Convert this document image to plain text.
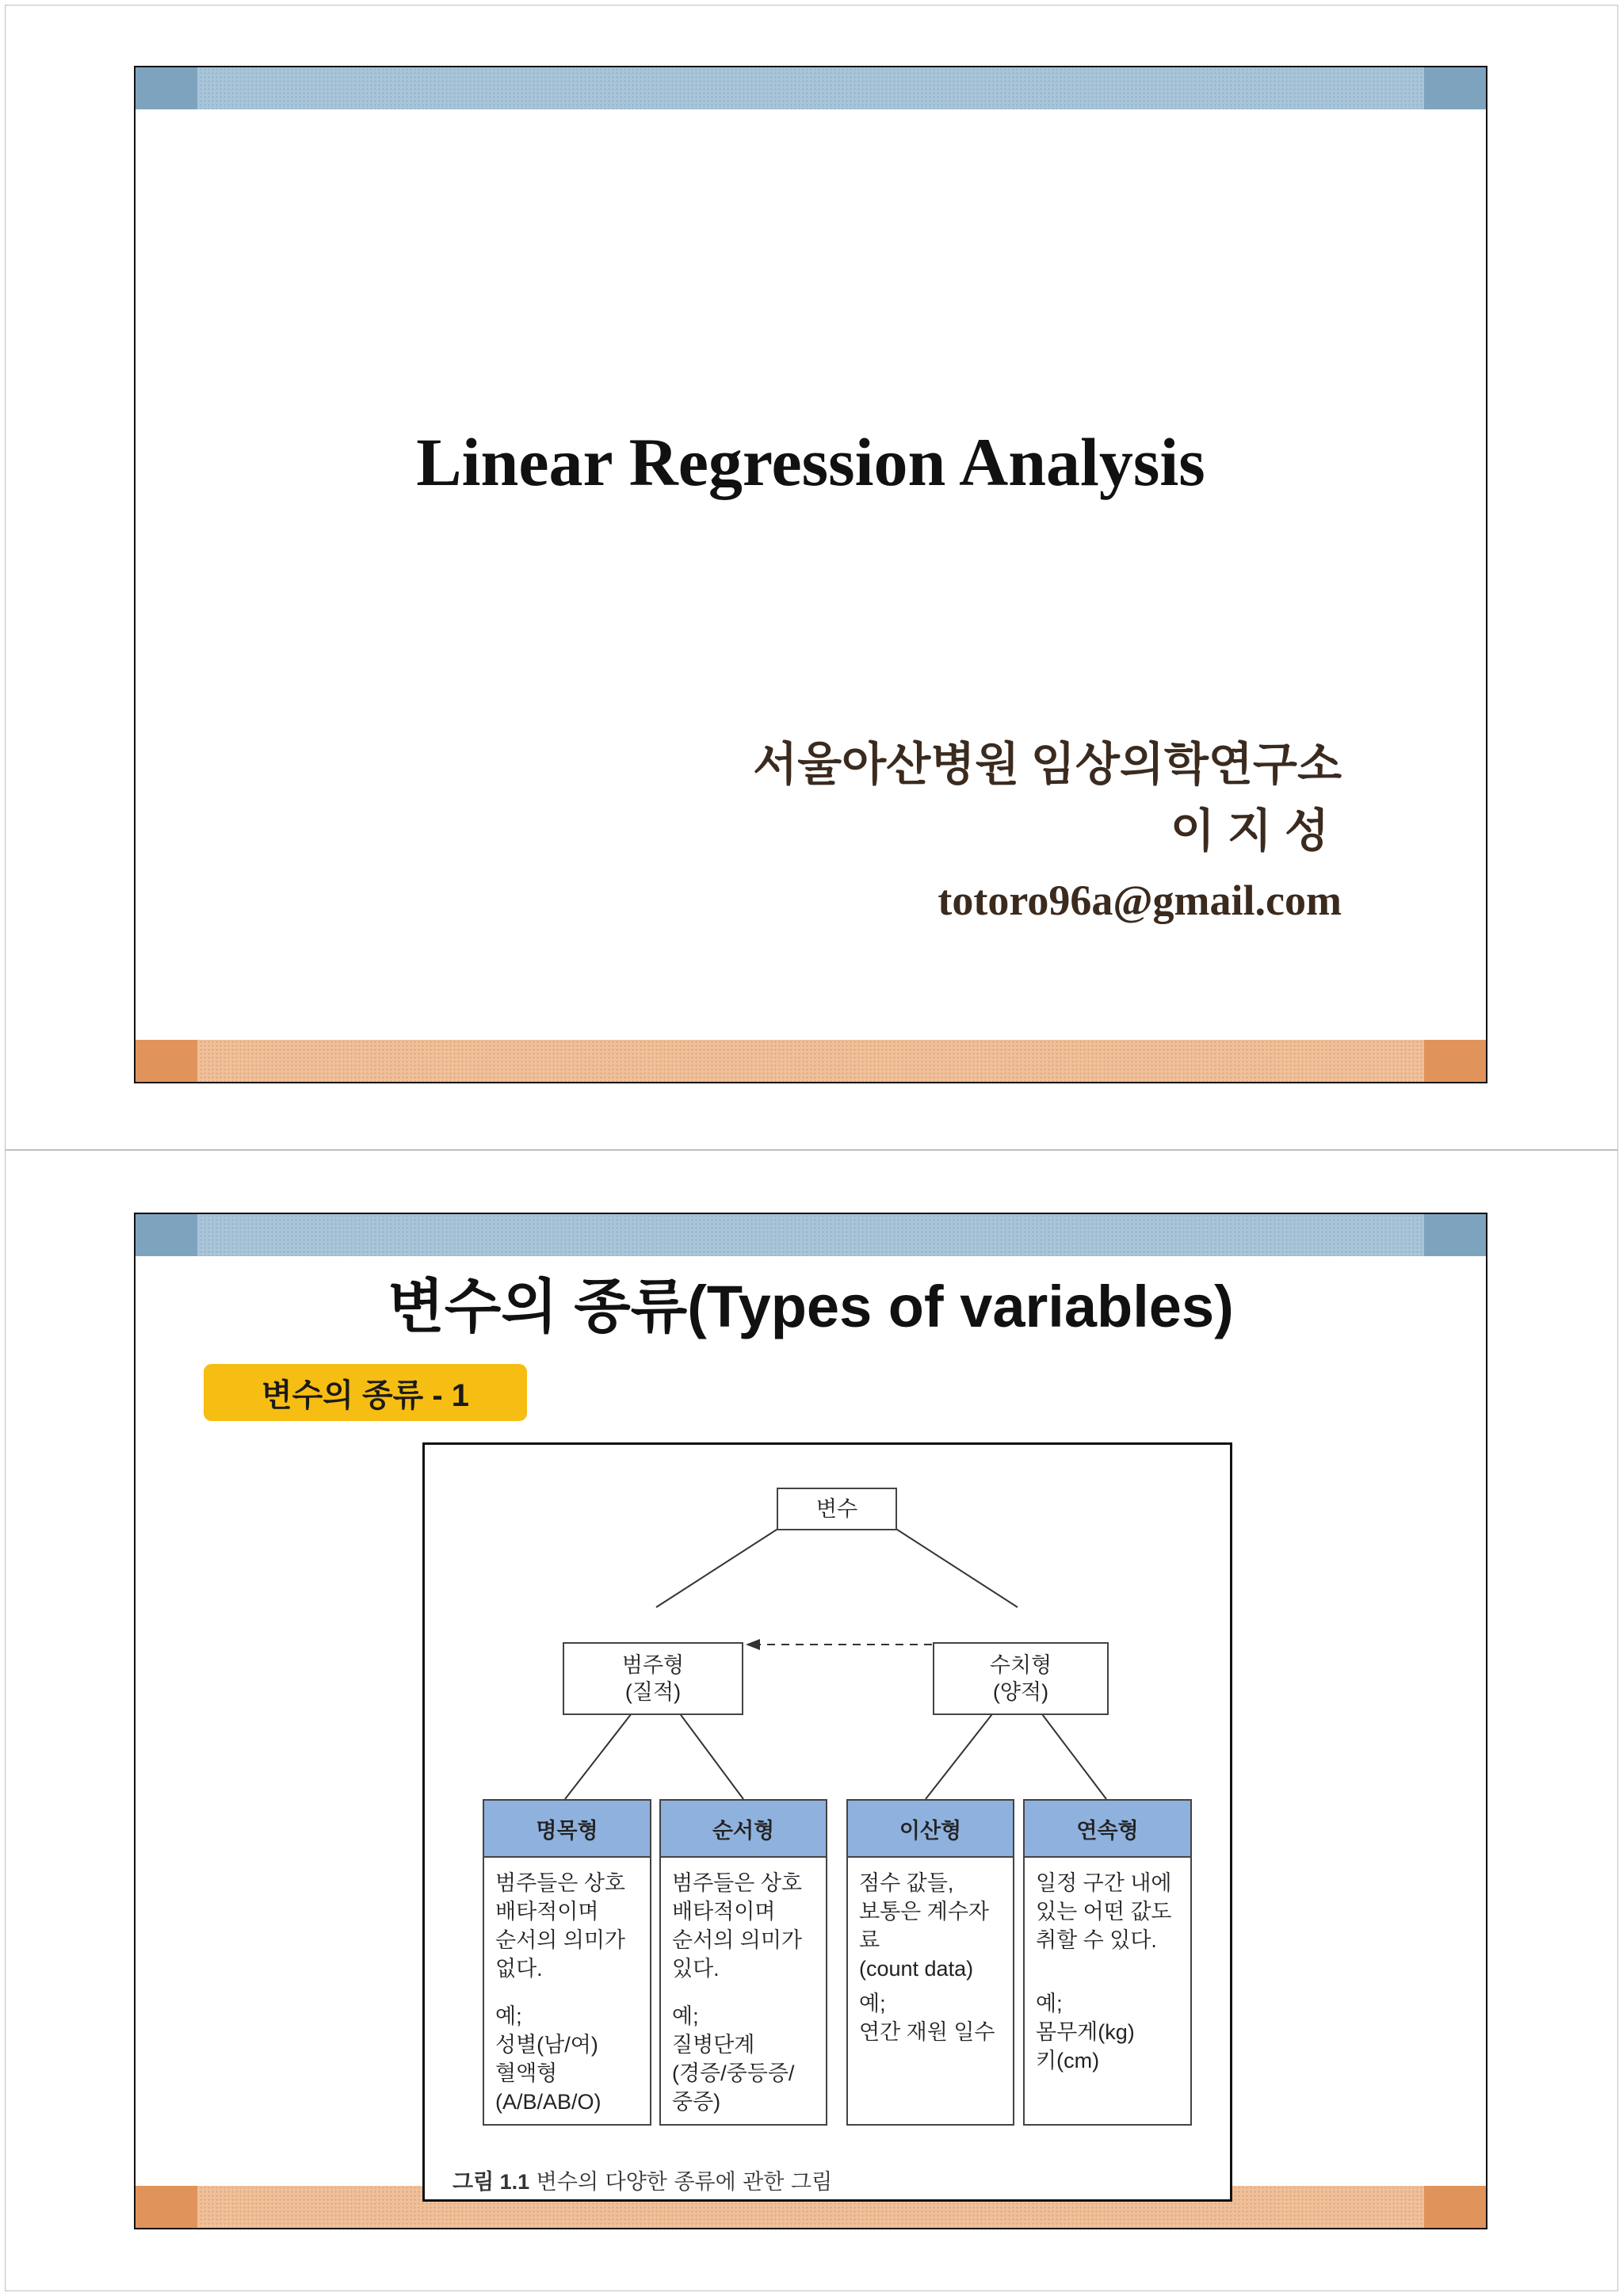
Linear Regression Analysis
서울아산병원 임상의학연구소
이지성
totoro96a@gmail.com
변수의 종류(Types of variables)
변수의 종류 - 1
변수
범주형
(질적)
수치형
(양적)
명목형
범주들은 상호
배타적이며
순서의 의미가
없다.
예;
성별(남/여)
혈액형
(A/B/AB/O)
순서형
범주들은 상호
배타적이며
순서의 의미가
있다.
예;
질병단계
(경증/중등증/
중증)
이산형
점수 값들,
보통은 계수자료
(count data)
예;
연간 재원 일수
연속형
일정 구간 내에
있는 어떤 값도
취할 수 있다.
예;
몸무게(kg)
키(cm)
그림 1.1 변수의 다양한 종류에 관한 그림
